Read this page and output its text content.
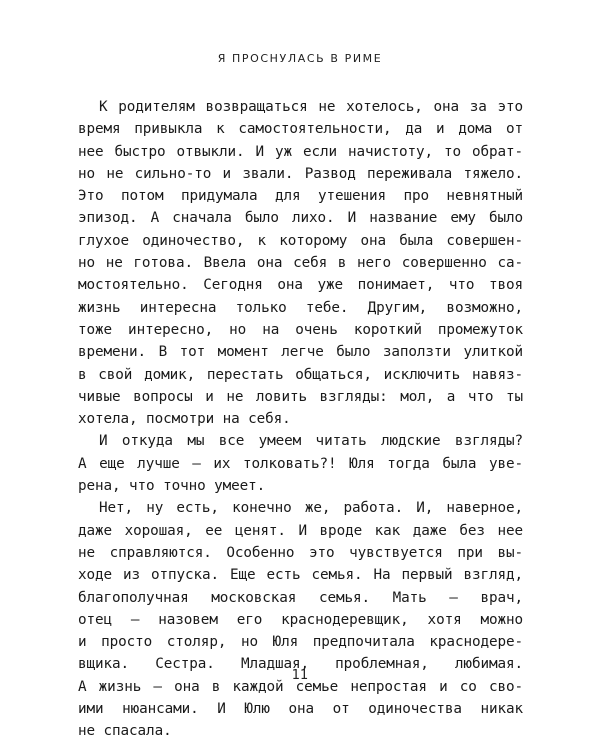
Я ПРОСНУЛАСЬ В РИМЕ
К родителям возвращаться не хотелось, она за это
время привыкла к самостоятельности, да и дома от
нее быстро отвыкли. И уж если начистоту, то обрат-
но не сильно-то и звали. Развод переживала тяжело.
Это потом придумала для утешения про невнятный
эпизод. А сначала было лихо. И название ему было
глухое одиночество, к которому она была совершен-
но не готова. Ввела она себя в него совершенно са-
мостоятельно. Сегодня она уже понимает, что твоя
жизнь интересна только тебе. Другим, возможно,
тоже интересно, но на очень короткий промежуток
времени. В тот момент легче было заползти улиткой
в свой домик, перестать общаться, исключить навяз-
чивые вопросы и не ловить взгляды: мол, а что ты
хотела, посмотри на себя.
И откуда мы все умеем читать людские взгляды?
А еще лучше — их толковать?! Юля тогда была уве-
рена, что точно умеет.
Нет, ну есть, конечно же, работа. И, наверное,
даже хорошая, ее ценят. И вроде как даже без нее
не справляются. Особенно это чувствуется при вы-
ходе из отпуска. Еще есть семья. На первый взгляд,
благополучная московская семья. Мать — врач,
отец — назовем его краснодеревщик, хотя можно
и просто столяр, но Юля предпочитала краснодере-
вщика. Сестра. Младшая, проблемная, любимая.
А жизнь — она в каждой семье непростая и со сво-
ими нюансами. И Юлю она от одиночества никак
не спасала.
11
